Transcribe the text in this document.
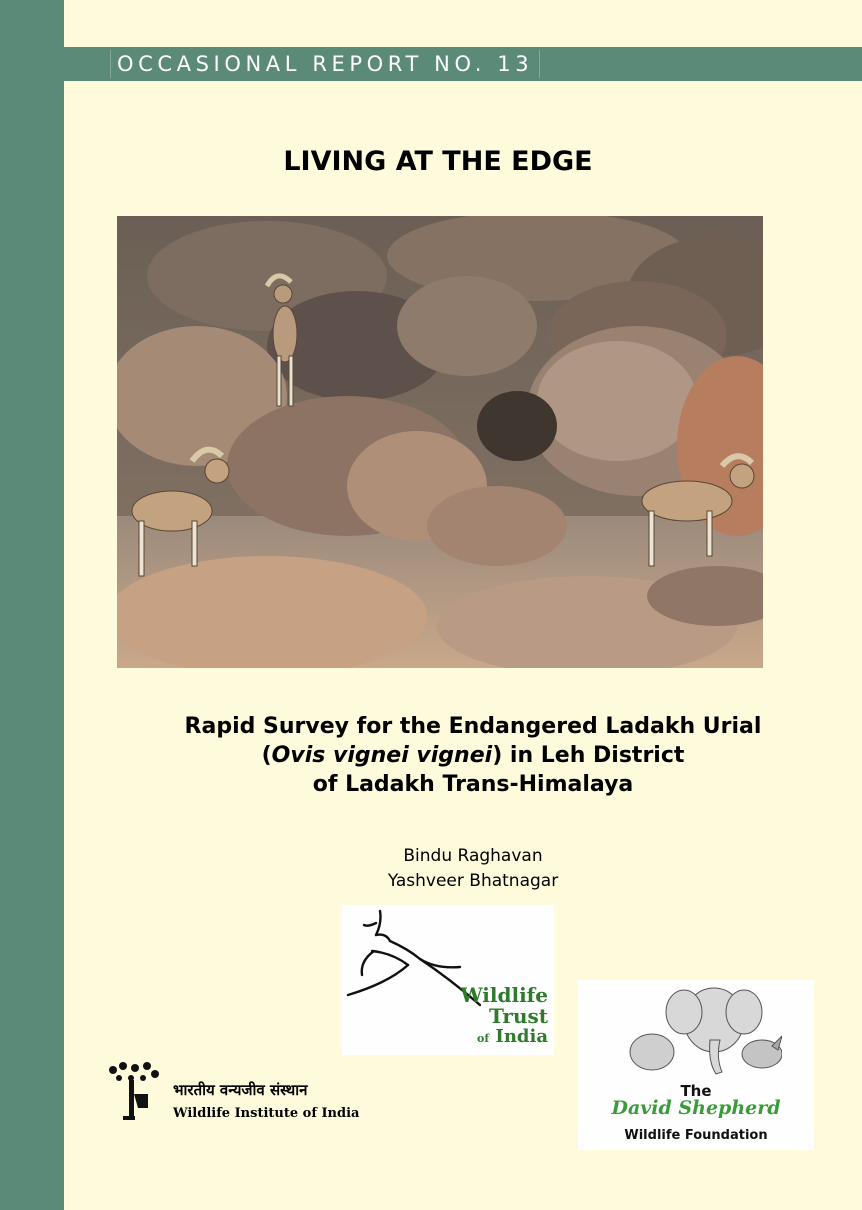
OCCASIONAL REPORT NO. 13
LIVING AT THE EDGE
Rapid Survey for the Endangered Ladakh Urial
(Ovis vignei vignei) in Leh District
of Ladakh Trans-Himalaya
Bindu Raghavan
Yashveer Bhatnagar
Wildlife
Trust
of India
भारतीय वन्यजीव संस्थान
Wildlife Institute of India
The
David Shepherd
Wildlife Foundation
